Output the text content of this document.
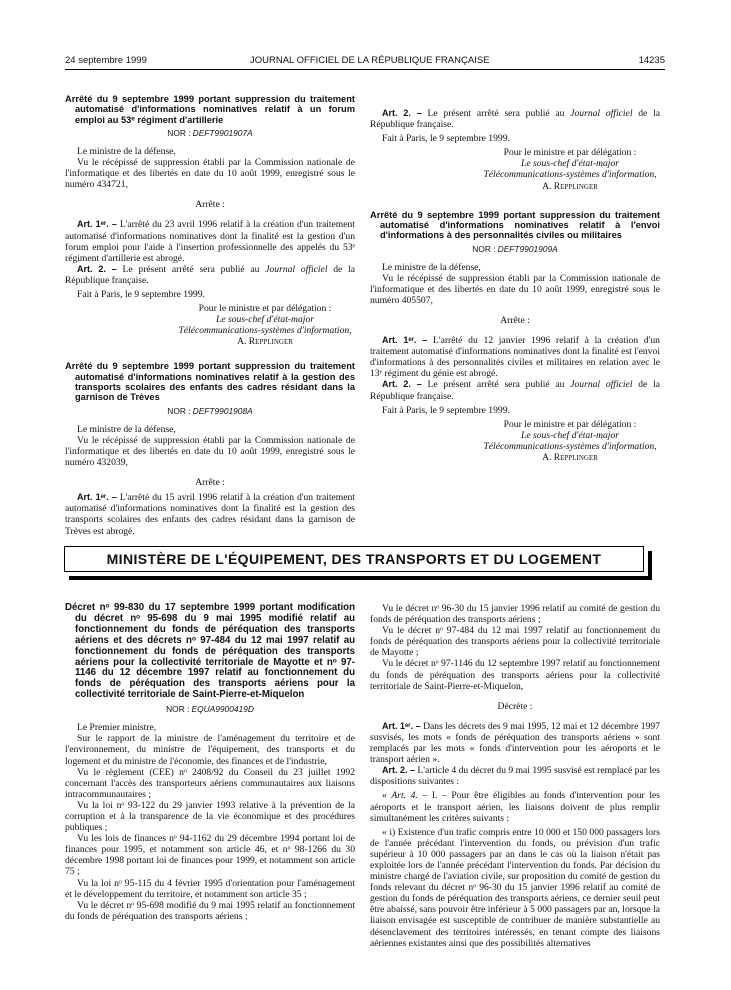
24 septembre 1999	JOURNAL OFFICIEL DE LA RÉPUBLIQUE FRANÇAISE	14235

Arrêté du 9 septembre 1999 portant suppression du traitement automatisé d'informations nominatives relatif à un forum emploi au 53ᵉ régiment d'artillerie

NOR : DEFT9901907A

Le ministre de la défense,

Vu le récépissé de suppression établi par la Commission nationale de l'informatique et des libertés en date du 10 août 1999, enregistré sous le numéro 434721,

Arrête :

Art. 1ᵉʳ. – L'arrêté du 23 avril 1996 relatif à la création d'un traitement automatisé d'informations nominatives dont la finalité est la gestion d'un forum emploi pour l'aide à l'insertion professionnelle des appelés du 53ᵉ régiment d'artillerie est abrogé.

Art. 2. – Le présent arrêté sera publié au Journal officiel de la République française.

Fait à Paris, le 9 septembre 1999.

Pour le ministre et par délégation :

Le sous-chef d'état-major

Télécommunications-systèmes d'information,

A. Repplinger

Arrêté du 9 septembre 1999 portant suppression du traitement automatisé d'informations nominatives relatif à la gestion des transports scolaires des enfants des cadres résidant dans la garnison de Trèves

NOR : DEFT9901908A

Le ministre de la défense,

Vu le récépissé de suppression établi par la Commission nationale de l'informatique et des libertés en date du 10 août 1999, enregistré sous le numéro 432039,

Arrête :

Art. 1ᵉʳ. – L'arrêté du 15 avril 1996 relatif à la création d'un traitement automatisé d'informations nominatives dont la finalité est la gestion des transports scolaires des enfants des cadres résidant dans la garnison de Trèves est abrogé.

Art. 2. – Le présent arrêté sera publié au Journal officiel de la République française.

Fait à Paris, le 9 septembre 1999.

Pour le ministre et par délégation :

Le sous-chef d'état-major

Télécommunications-systèmes d'information,

A. Repplinger

Arrêté du 9 septembre 1999 portant suppression du traitement automatisé d'informations nominatives relatif à l'envoi d'informations à des personnalités civiles ou militaires

NOR : DEFT9901909A

Le ministre de la défense,

Vu le récépissé de suppression établi par la Commission nationale de l'informatique et des libertés en date du 10 août 1999, enregistré sous le numéro 405507,

Arrête :

Art. 1ᵉʳ. – L'arrêté du 12 janvier 1996 relatif à la création d'un traitement automatisé d'informations nominatives dont la finalité est l'envoi d'informations à des personnalités civiles et militaires en relation avec le 13ᵉ régiment du génie est abrogé.

Art. 2. – Le présent arrêté sera publié au Journal officiel de la République française.

Fait à Paris, le 9 septembre 1999.

Pour le ministre et par délégation :

Le sous-chef d'état-major

Télécommunications-systèmes d'information,

A. Repplinger

MINISTÈRE DE L'ÉQUIPEMENT, DES TRANSPORTS ET DU LOGEMENT

Décret nᵒ 99-830 du 17 septembre 1999 portant modification du décret nᵒ 95-698 du 9 mai 1995 modifié relatif au fonctionnement du fonds de péréquation des transports aériens et des décrets nᵒ 97-484 du 12 mai 1997 relatif au fonctionnement du fonds de péréquation des transports aériens pour la collectivité territoriale de Mayotte et nᵒ 97-1146 du 12 décembre 1997 relatif au fonctionnement du fonds de péréquation des transports aériens pour la collectivité territoriale de Saint-Pierre-et-Miquelon

NOR : EQUA9900419D

Le Premier ministre,

Sur le rapport de la ministre de l'aménagement du territoire et de l'environnement, du ministre de l'équipement, des transports et du logement et du ministre de l'économie, des finances et de l'industrie,

Vu le règlement (CEE) nᵒ 2408/92 du Conseil du 23 juillet 1992 concernant l'accès des transporteurs aériens communautaires aux liaisons intracommunautaires ;

Vu la loi nᵒ 93-122 du 29 janvier 1993 relative à la prévention de la corruption et à la transparence de la vie économique et des procédures publiques ;

Vu les lois de finances nᵒ 94-1162 du 29 décembre 1994 portant loi de finances pour 1995, et notamment son article 46, et nᵒ 98-1266 du 30 décembre 1998 portant loi de finances pour 1999, et notamment son article 75 ;

Vu la loi nᵒ 95-115 du 4 février 1995 d'orientation pour l'aménagement et le développement du territoire, et notamment son article 35 ;

Vu le décret nᵒ 95-698 modifié du 9 mai 1995 relatif au fonctionnement du fonds de péréquation des transports aériens ;

Vu le décret nᵒ 96-30 du 15 janvier 1996 relatif au comité de gestion du fonds de péréquation des transports aériens ;

Vu le décret nᵒ 97-484 du 12 mai 1997 relatif au fonctionnement du fonds de péréquation des transports aériens pour la collectivité territoriale de Mayotte ;

Vu le décret nᵒ 97-1146 du 12 septembre 1997 relatif au fonctionnement du fonds de péréquation des transports aériens pour la collectivité territoriale de Saint-Pierre-et-Miquelon,

Décrète :

Art. 1ᵉʳ. – Dans les décrets des 9 mai 1995, 12 mai et 12 décembre 1997 susvisés, les mots « fonds de péréquation des transports aériens » sont remplacés par les mots « fonds d'intervention pour les aéroports et le transport aérien ».

Art. 2. – L'article 4 du décret du 9 mai 1995 susvisé est remplacé par les dispositions suivantes :

« Art. 4. – I. – Pour être éligibles au fonds d'intervention pour les aéroports et le transport aérien, les liaisons doivent de plus remplir simultanément les critères suivants :

« i) Existence d'un trafic compris entre 10 000 et 150 000 passagers lors de l'année précédant l'intervention du fonds, ou prévision d'un trafic supérieur à 10 000 passagers par an dans le cas où la liaison n'était pas exploitée lors de l'année précédant l'intervention du fonds. Par décision du ministre chargé de l'aviation civile, sur proposition du comité de gestion du fonds relevant du décret nᵒ 96-30 du 15 janvier 1996 relatif au comité de gestion du fonds de péréquation des transports aériens, ce dernier seuil peut être abaissé, sans pouvoir être inférieur à 5 000 passagers par an, lorsque la liaison envisagée est susceptible de contribuer de manière substantielle au désenclavement des territoires intéressés, en tenant compte des liaisons aériennes existantes ainsi que des possibilités alternatives
